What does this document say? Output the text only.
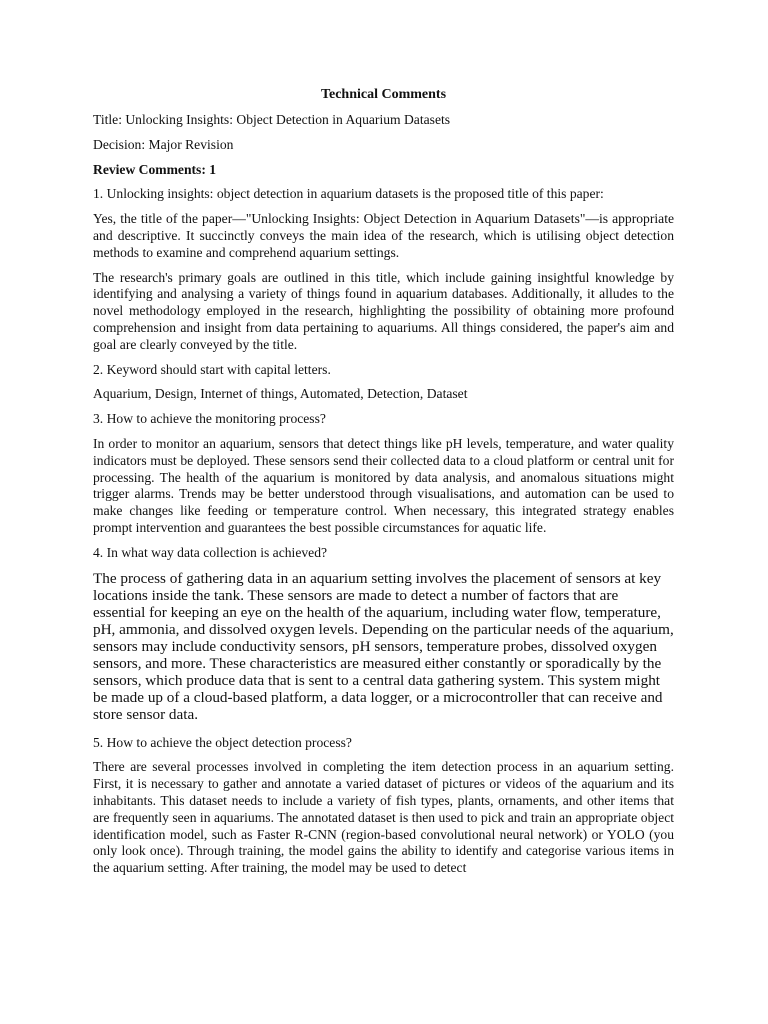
Technical Comments

Title: Unlocking Insights: Object Detection in Aquarium Datasets

Decision: Major Revision

Review Comments: 1

1. Unlocking insights: object detection in aquarium datasets is the proposed title of this paper:

Yes, the title of the paper—"Unlocking Insights: Object Detection in Aquarium Datasets"—is appropriate and descriptive. It succinctly conveys the main idea of the research, which is utilising object detection methods to examine and comprehend aquarium settings.

The research's primary goals are outlined in this title, which include gaining insightful knowledge by identifying and analysing a variety of things found in aquarium databases. Additionally, it alludes to the novel methodology employed in the research, highlighting the possibility of obtaining more profound comprehension and insight from data pertaining to aquariums. All things considered, the paper's aim and goal are clearly conveyed by the title.

2. Keyword should start with capital letters.

Aquarium, Design, Internet of things, Automated, Detection, Dataset

3. How to achieve the monitoring process?

In order to monitor an aquarium, sensors that detect things like pH levels, temperature, and water quality indicators must be deployed. These sensors send their collected data to a cloud platform or central unit for processing. The health of the aquarium is monitored by data analysis, and anomalous situations might trigger alarms. Trends may be better understood through visualisations, and automation can be used to make changes like feeding or temperature control. When necessary, this integrated strategy enables prompt intervention and guarantees the best possible circumstances for aquatic life.

4. In what way data collection is achieved?

The process of gathering data in an aquarium setting involves the placement of sensors at key locations inside the tank. These sensors are made to detect a number of factors that are essential for keeping an eye on the health of the aquarium, including water flow, temperature, pH, ammonia, and dissolved oxygen levels. Depending on the particular needs of the aquarium, sensors may include conductivity sensors, pH sensors, temperature probes, dissolved oxygen sensors, and more. These characteristics are measured either constantly or sporadically by the sensors, which produce data that is sent to a central data gathering system. This system might be made up of a cloud-based platform, a data logger, or a microcontroller that can receive and store sensor data.

5. How to achieve the object detection process?

There are several processes involved in completing the item detection process in an aquarium setting. First, it is necessary to gather and annotate a varied dataset of pictures or videos of the aquarium and its inhabitants. This dataset needs to include a variety of fish types, plants, ornaments, and other items that are frequently seen in aquariums. The annotated dataset is then used to pick and train an appropriate object identification model, such as Faster R-CNN (region-based convolutional neural network) or YOLO (you only look once). Through training, the model gains the ability to identify and categorise various items in the aquarium setting. After training, the model may be used to detect
